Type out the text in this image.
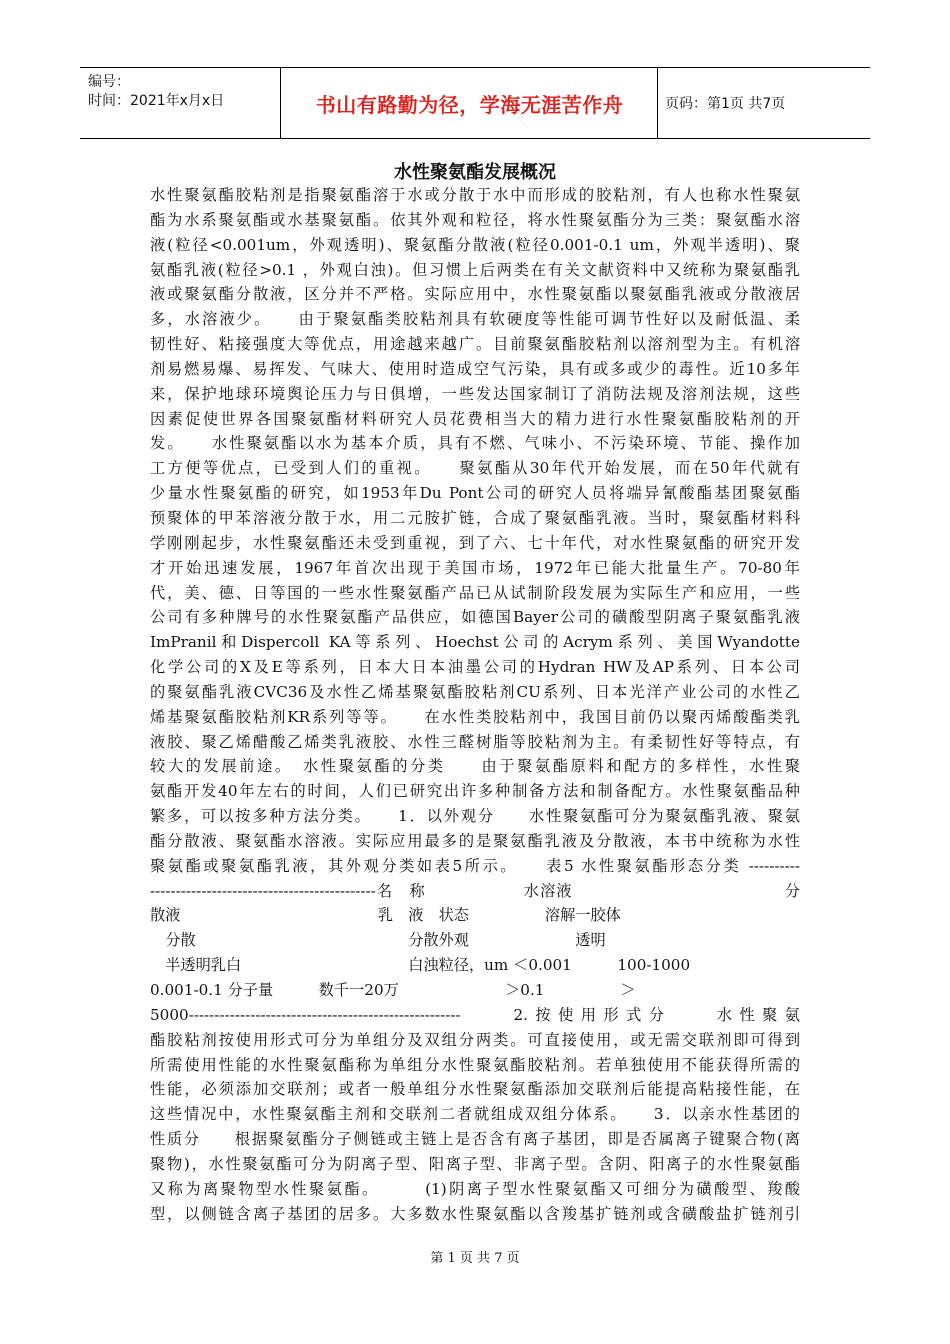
编号：
时间：2021年x月x日	书山有路勤为径，学海无涯苦作舟	页码：第1页 共7页
水性聚氨酯发展概况
水性聚氨酯胶粘剂是指聚氨酯溶于水或分散于水中而形成的胶粘剂，有人也称水性聚氨
酯为水系聚氨酯或水基聚氨酯。依其外观和粒径，将水性聚氨酯分为三类：聚氨酯水溶
液(粒径<0.001um，外观透明)、聚氨酯分散液(粒径0.001-0.1 um，外观半透明)、聚
氨酯乳液(粒径>0.1 ，外观白浊)。但习惯上后两类在有关文献资料中又统称为聚氨酯乳
液或聚氨酯分散液，区分并不严格。实际应用中，水性聚氨酯以聚氨酯乳液或分散液居
多，水溶液少。　　由于聚氨酯类胶粘剂具有软硬度等性能可调节性好以及耐低温、柔
韧性好、粘接强度大等优点，用途越来越广。目前聚氨酯胶粘剂以溶剂型为主。有机溶
剂易燃易爆、易挥发、气味大、使用时造成空气污染，具有或多或少的毒性。近10多年
来，保护地球环境舆论压力与日俱增，一些发达国家制订了消防法规及溶剂法规，这些
因素促使世界各国聚氨酯材料研究人员花费相当大的精力进行水性聚氨酯胶粘剂的开
发。　　水性聚氨酯以水为基本介质，具有不燃、气味小、不污染环境、节能、操作加
工方便等优点，已受到人们的重视。　　聚氨酯从30年代开始发展，而在50年代就有
少量水性聚氨酯的研究，如1953年Du Pont公司的研究人员将端异氰酸酯基团聚氨酯
预聚体的甲苯溶液分散于水，用二元胺扩链，合成了聚氨酯乳液。当时，聚氨酯材料科
学刚刚起步，水性聚氨酯还未受到重视，到了六、七十年代，对水性聚氨酯的研究开发
才开始迅速发展，1967年首次出现于美国市场，1972年已能大批量生产。70-80年
代，美、德、日等国的一些水性聚氨酯产品已从试制阶段发展为实际生产和应用，一些
公司有多种牌号的水性聚氨酯产品供应，如德国Bayer公司的磺酸型阴离子聚氨酯乳液
ImPranil和Dispercoll KA等系列、Hoechst公司的Acrym系列、美国Wyandotte
化学公司的X及E等系列，日本大日本油墨公司的Hydran HW及AP系列、日本公司
的聚氨酯乳液CVC36及水性乙烯基聚氨酯胶粘剂CU系列、日本光洋产业公司的水性乙
烯基聚氨酯胶粘剂KR系列等等。　　在水性类胶粘剂中，我国目前仍以聚丙烯酸酯类乳
液胶、聚乙烯醋酸乙烯类乳液胶、水性三醛树脂等胶粘剂为主。有柔韧性好等特点，有
较大的发展前途。　水性聚氨酯的分类　　由于聚氨酯原料和配方的多样性，水性聚
氨酯开发40年左右的时间，人们已研究出许多种制备方法和制备配方。水性聚氨酯品种
繁多，可以按多种方法分类。　　1．以外观分　　水性聚氨酯可分为聚氨酯乳液、聚氨
酯分散液、聚氨酯水溶液。实际应用最多的是聚氨酯乳液及分散液，本书中统称为水性
聚氨酯或聚氨酯乳液，其外观分类如表5所示。　　表5 水性聚氨酯形态分类 ----------
--------------------------------------------名　称　　　　　　水溶液　　　　　　　　　　　　　分
散液　　　　　　　　　　　　　乳　液　状态　　　　　溶解一胶体
　分散　　　　　　　　　　　　　　分散外观　　　　　　　透明
　半透明乳白　　　　　　　　　　　白浊粒径，um ＜0.001　　　100-1000
0.001-0.1 分子量　　　数千一20万　　　　　　　＞0.1　　　　　＞
5000-----------------------------------------------------　　2.按使用形式分　　水性聚氨
酯胶粘剂按使用形式可分为单组分及双组分两类。可直接使用，或无需交联剂即可得到
所需使用性能的水性聚氨酯称为单组分水性聚氨酯胶粘剂。若单独使用不能获得所需的
性能，必须添加交联剂；或者一般单组分水性聚氨酯添加交联剂后能提高粘接性能，在
这些情况中，水性聚氨酯主剂和交联剂二者就组成双组分体系。　　3．以亲水性基团的
性质分　　根据聚氨酯分子侧链或主链上是否含有离子基团，即是否属离子键聚合物(离
聚物)，水性聚氨酯可分为阴离子型、阳离子型、非离子型。含阴、阳离子的水性聚氨酯
又称为离聚物型水性聚氨酯。　　　(1)阴离子型水性聚氨酯又可细分为磺酸型、羧酸
型，以侧链含离子基团的居多。大多数水性聚氨酯以含羧基扩链剂或含磺酸盐扩链剂引
第 1 页 共 7 页
